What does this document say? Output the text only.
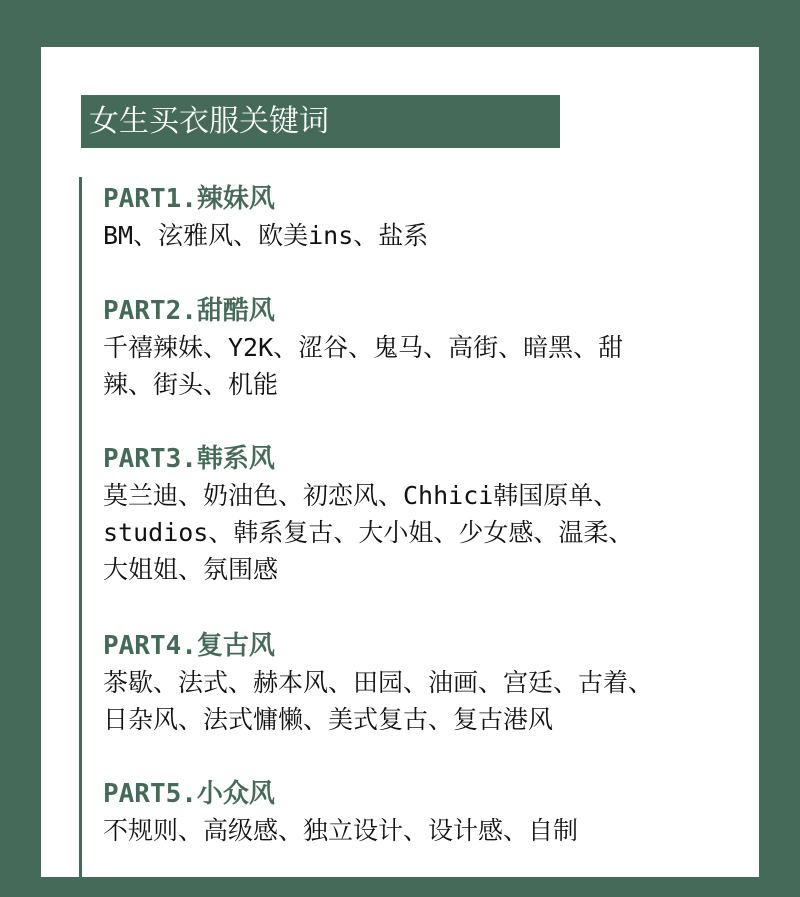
女生买衣服关键词
PART1.辣妹风
BM、泫雅风、欧美ins、盐系
PART2.甜酷风
千禧辣妹、Y2K、涩谷、鬼马、高街、暗黑、甜
辣、街头、机能
PART3.韩系风
莫兰迪、奶油色、初恋风、Chhici韩国原单、
studios、韩系复古、大小姐、少女感、温柔、
大姐姐、氛围感
PART4.复古风
茶歇、法式、赫本风、田园、油画、宫廷、古着、
日杂风、法式慵懒、美式复古、复古港风
PART5.小众风
不规则、高级感、独立设计、设计感、自制
